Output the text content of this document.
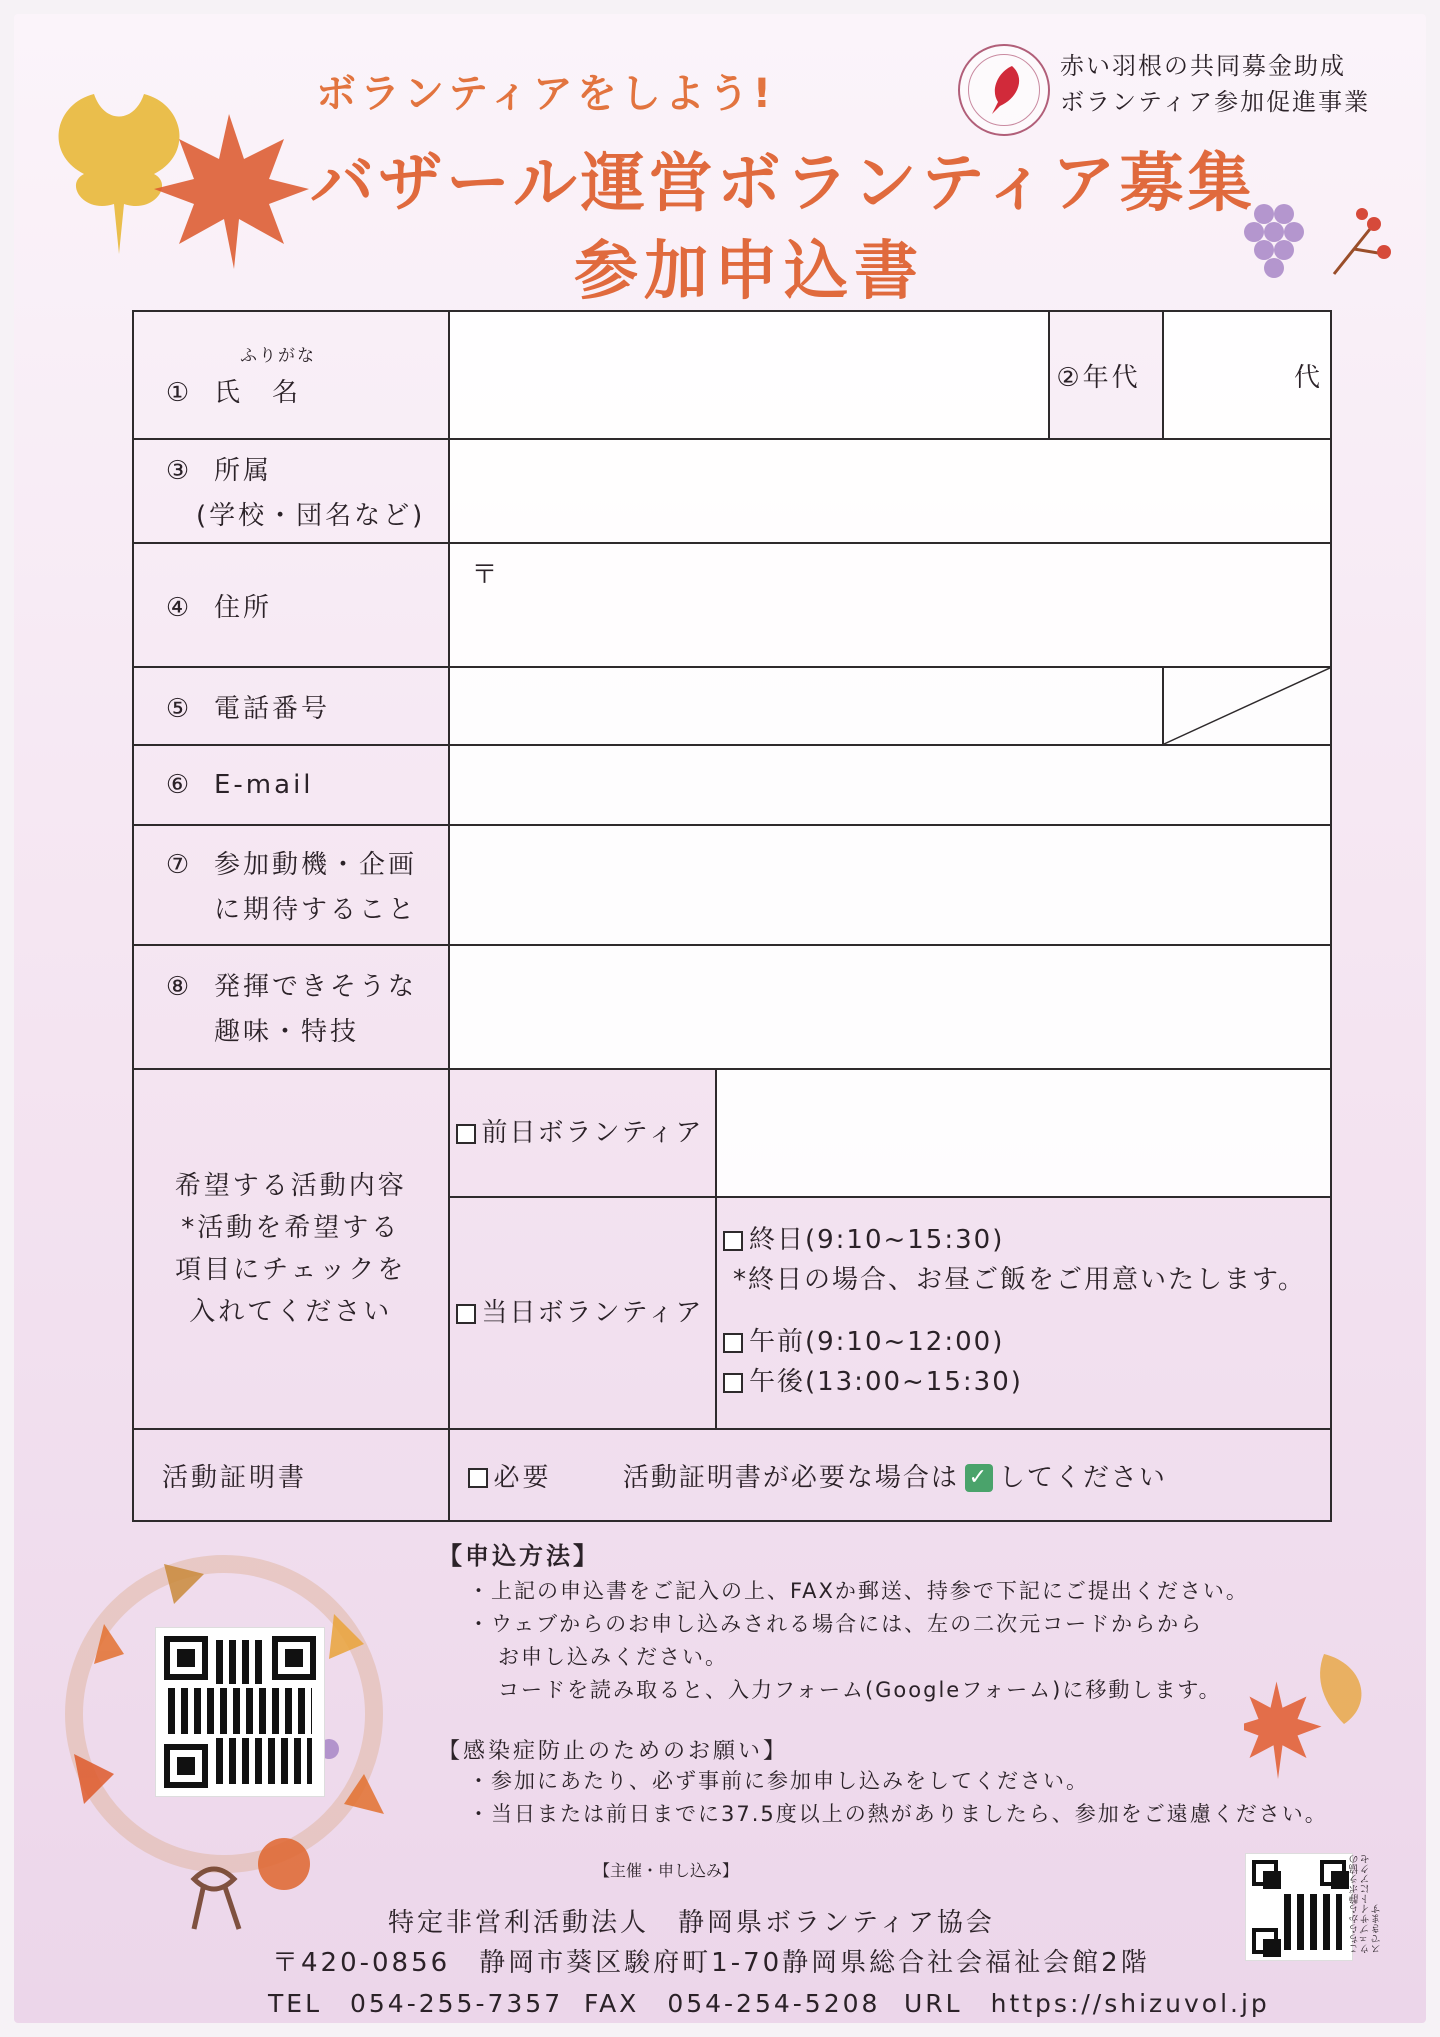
ボランティアをしよう!
バザール運営ボランティア募集
参加申込書
赤い羽根の共同募金助成
ボランティア参加促進事業
ふりがな
① 氏　名			②年代	代
③ 所属
(学校・団名など)				

④ 住所	〒			

⑤ 電話番号		

⑥ E-mail				
⑦ 参加動機・企画
に期待すること				

⑧ 発揮できそうな
趣味・特技				

希望する活動内容
*活動を希望する
項目にチェックを
入れてください	前日ボランティア			
	当日ボランティア	終日(9:10~15:30)
*終日の場合、お昼ご飯をご用意いたします。
午前(9:10~12:00)
午後(13:00~15:30)		

活動証明書	必要 活動証明書が必要な場合は ✓ してください			
【申込方法】
・上記の申込書をご記入の上、FAXか郵送、持参で下記にご提出ください。
・ウェブからのお申し込みされる場合には、左の二次元コードからから
お申し込みください。
コードを読み取ると、入力フォーム(Googleフォーム)に移動します。
【感染症防止のためのお願い】
・参加にあたり、必ず事前に参加申し込みをしてください。
・当日または前日までに37.5度以上の熱がありましたら、参加をご遠慮ください。
【主催・申し込み】
特定非営利活動法人　静岡県ボランティア協会
〒420-0856　静岡市葵区駿府町1-70静岡県総合社会福祉会館2階
TEL　054-255-7357 FAX　054-254-5208 URL　https://shizuvol.jp
こちらから静ボラ協のウェブサイトにアクセスできます
